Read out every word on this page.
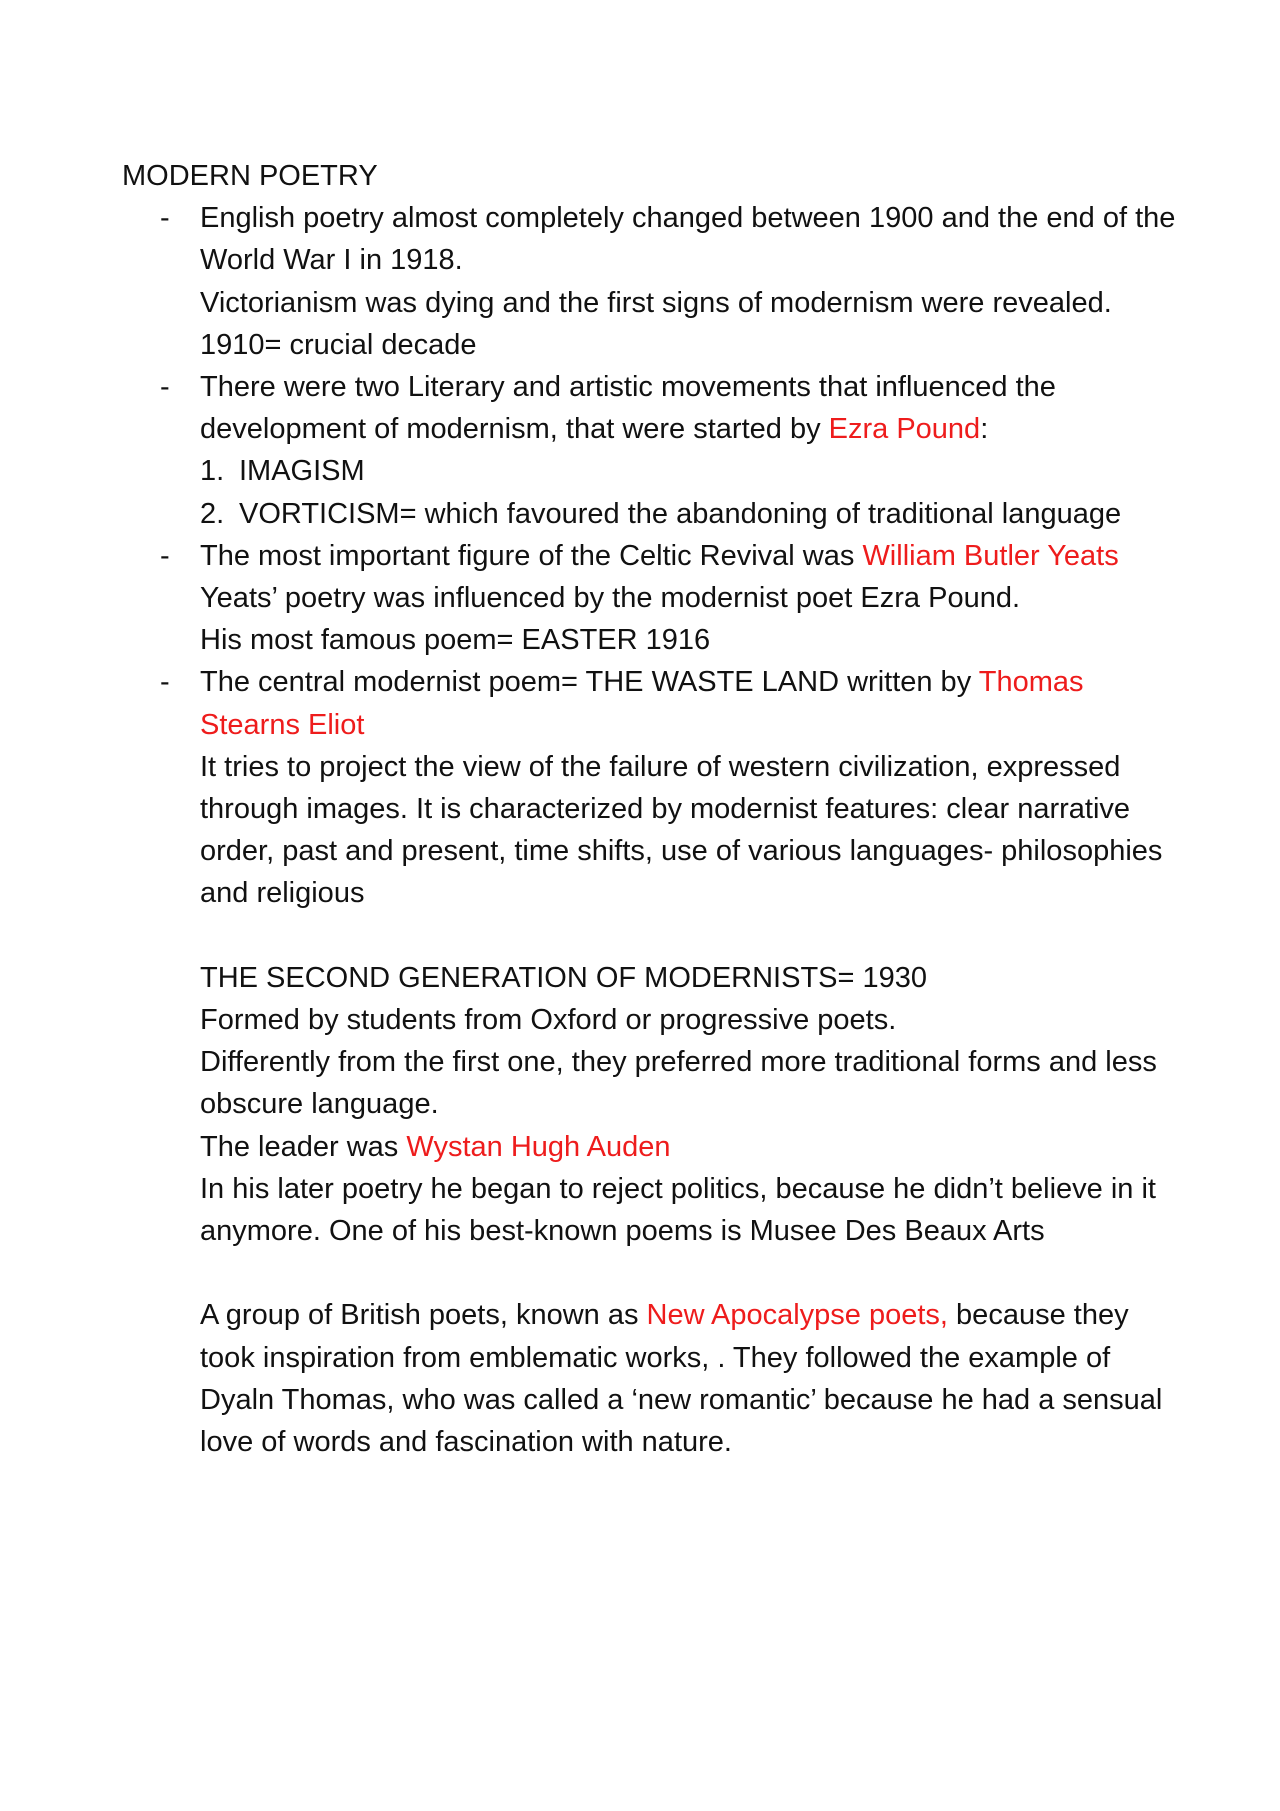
MODERN POETRY
- English poetry almost completely changed between 1900 and the end of the World War I in 1918.

Victorianism was dying and the first signs of modernism were revealed.

1910= crucial decade

- There were two Literary and artistic movements that influenced the development of modernism, that were started by Ezra Pound:

1. IMAGISM
2. VORTICISM= which favoured the abandoning of traditional language
- The most important figure of the Celtic Revival was William Butler Yeats

Yeats’ poetry was influenced by the modernist poet Ezra Pound.

His most famous poem= EASTER 1916

- The central modernist poem= THE WASTE LAND written by Thomas Stearns Eliot

It tries to project the view of the failure of western civilization, expressed through images. It is characterized by modernist features: clear narrative order, past and present, time shifts, use of various languages- philosophies and religious

THE SECOND GENERATION OF MODERNISTS= 1930

Formed by students from Oxford or progressive poets.

Differently from the first one, they preferred more traditional forms and less obscure language.

The leader was Wystan Hugh Auden

In his later poetry he began to reject politics, because he didn’t believe in it anymore. One of his best-known poems is Musee Des Beaux Arts

A group of British poets, known as New Apocalypse poets, because they took inspiration from emblematic works, . They followed the example of Dyaln Thomas, who was called a ‘new romantic’ because he had a sensual love of words and fascination with nature.
